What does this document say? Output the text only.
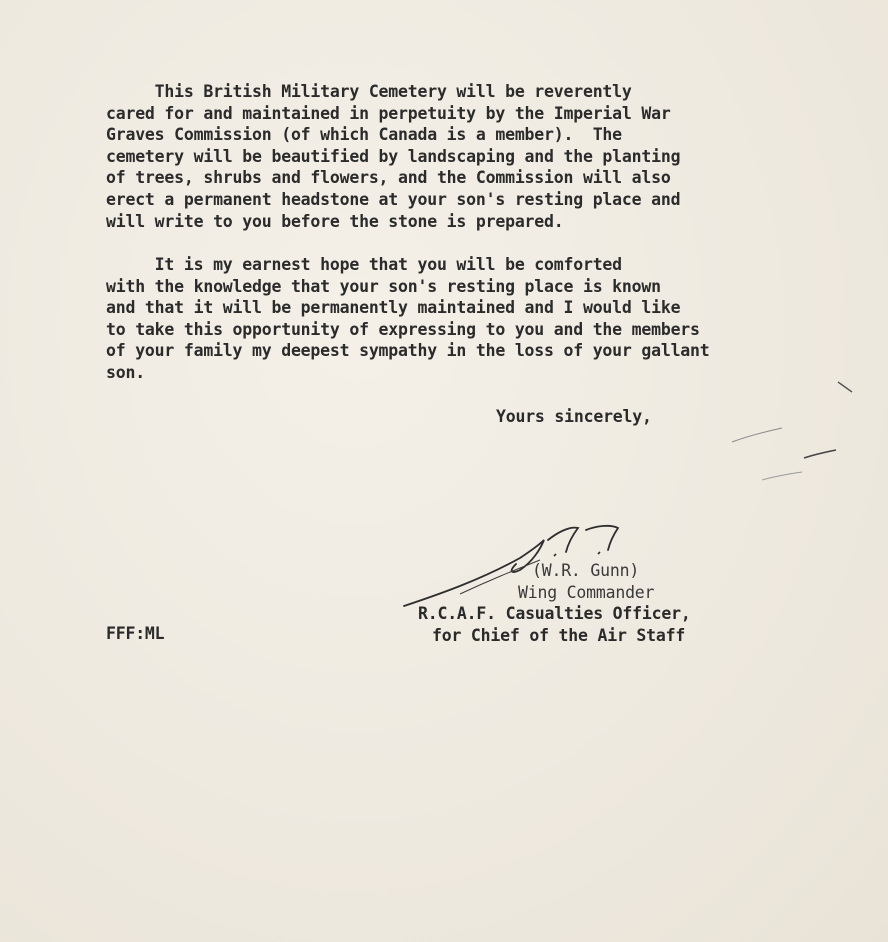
This British Military Cemetery will be reverently
cared for and maintained in perpetuity by the Imperial War
Graves Commission (of which Canada is a member).  The
cemetery will be beautified by landscaping and the planting
of trees, shrubs and flowers, and the Commission will also
erect a permanent headstone at your son's resting place and
will write to you before the stone is prepared.
It is my earnest hope that you will be comforted
with the knowledge that your son's resting place is known
and that it will be permanently maintained and I would like
to take this opportunity of expressing to you and the members
of your family my deepest sympathy in the loss of your gallant
son.
Yours sincerely,
(W.R. Gunn)
Wing Commander
R.C.A.F. Casualties Officer,
for Chief of the Air Staff
FFF:ML
